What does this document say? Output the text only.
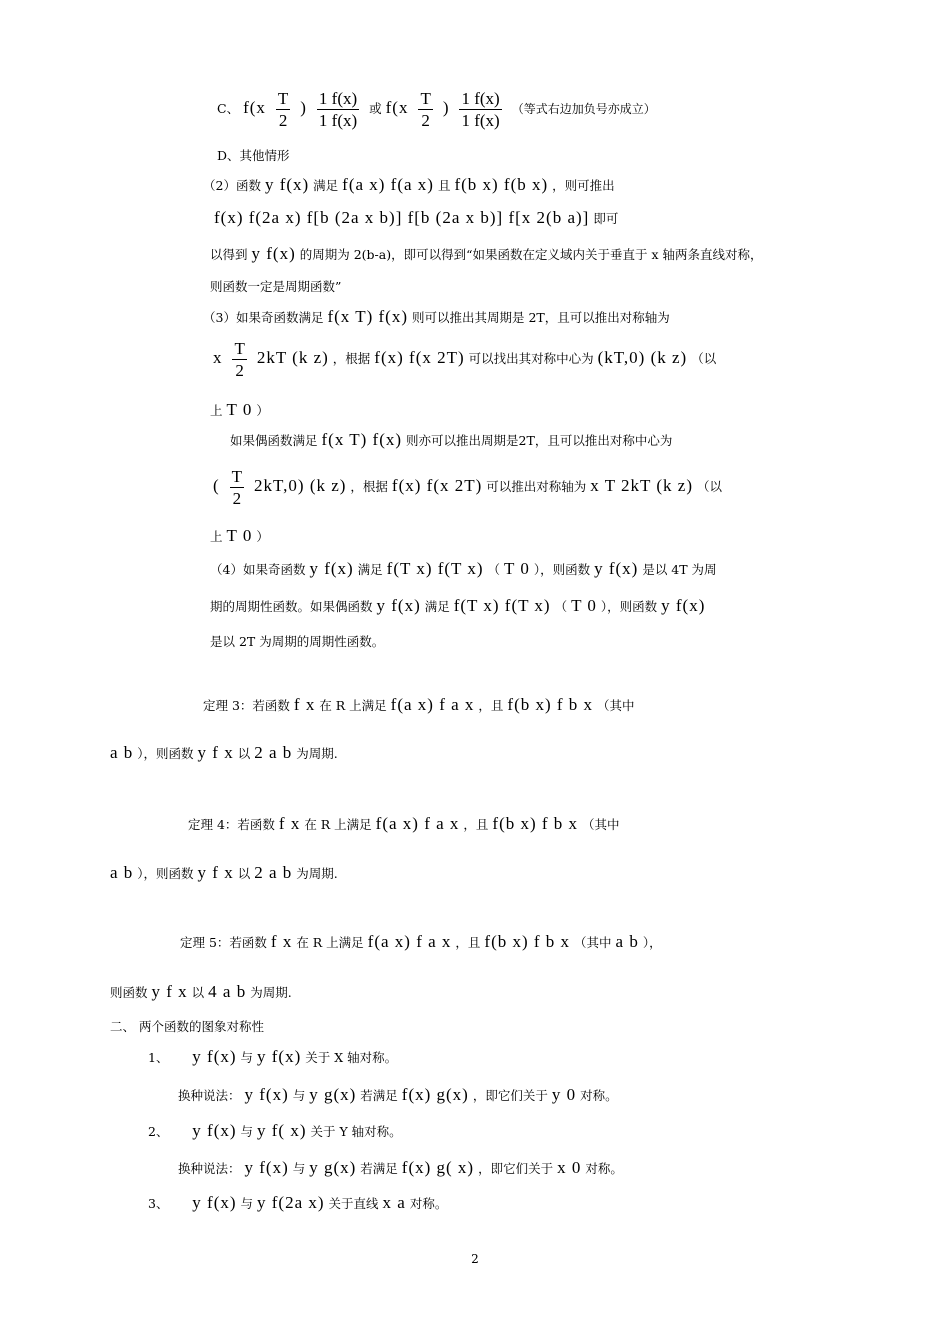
C、 $f(x \frac{T}{2}$ ) $\frac{1 f(x)}{1 f(x)}$ 或 $f(x \frac{T}{2}$ ) $\frac{1 f(x)}{1 f(x)}$ （等式右边加负号亦成立）
D、其他情形
（2）函数 y f(x) 满足 f(a x) f(a x) 且 f(b x) f(b x) ，则可推出
f(x) f(2a x) f[b (2a x b)] f[b (2a x b)] f[x 2(b a)] 即可
以得到 y f(x) 的周期为 2(b-a)，即可以得到“如果函数在定义域内关于垂直于 x 轴两条直线对称，
则函数一定是周期函数”
（3）如果奇函数满足 f(x T) f(x) 则可以推出其周期是 2T，且可以推出对称轴为
x $\frac{T}{2} 2kT$ (k z) ，根据 f(x) f(x 2T) 可以找出其对称中心为 (kT,0) (k z) （以
上 T 0 ）
如果偶函数满足 f(x T) f(x) 则亦可以推出周期是2T，且可以推出对称中心为
( $\frac{T}{2} 2kT,0$) (k z) ，根据 f(x) f(x 2T) 可以推出对称轴为 x T 2kT (k z) （以
上 T 0 ）
（4）如果奇函数 y f(x) 满足 f(T x) f(T x) （ T 0 ），则函数 y f(x) 是以 4T 为周
期的周期性函数。如果偶函数 y f(x) 满足 f(T x) f(T x) （ T 0 ），则函数 y f(x)
是以 2T 为周期的周期性函数。
定理 3：若函数 f x 在 R 上满足 f(a x) f a x ，且 f(b x) f b x （其中
a b ），则函数 y f x 以 2 a b 为周期.
定理 4：若函数 f x 在 R 上满足 f(a x) f a x ，且 f(b x) f b x （其中
a b ），则函数 y f x 以 2 a b 为周期.
定理 5：若函数 f x 在 R 上满足 f(a x) f a x ，且 f(b x) f b x （其中 a b ），
则函数 y f x 以 4 a b 为周期.
二、 两个函数的图象对称性
1、 y f(x) 与 y f(x) 关于 X 轴对称。
换种说法： y f(x) 与 y g(x) 若满足 f(x) g(x) ，即它们关于 y 0 对称。
2、 y f(x) 与 y f( x) 关于 Y 轴对称。
换种说法： y f(x) 与 y g(x) 若满足 f(x) g( x) ，即它们关于 x 0 对称。
3、 y f(x) 与 y f(2a x) 关于直线 x a 对称。
2
